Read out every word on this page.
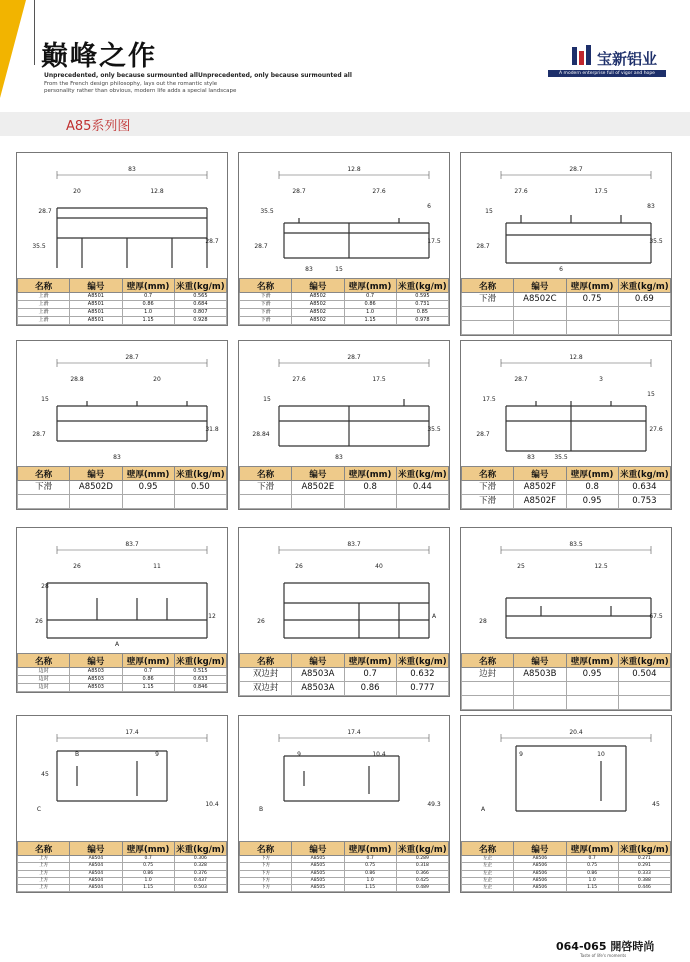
巅峰之作
Unprecedented, only because surmounted allUnprecedented, only because surmounted all
From the French design philosophy, lays out the romantic style
personality rather than obvious, modern life adds a special landscape
宝新铝业
A modern enterprise full of vigor and hope
A85系列图
83
35.5
20	12.8
28.7
28.7
名称	编号	壁厚(mm)	米重(kg/m)
上滑	A8501	0.7	0.565
上滑	A8501	0.86	0.684
上滑	A8501	1.0	0.807
上滑	A8501	1.15	0.928
12.8
28.7
28.7	27.6
17.5
35.5
15
6
83
名称	编号	壁厚(mm)	米重(kg/m)
下滑	A8502	0.7	0.595
下滑	A8502	0.86	0.731
下滑	A8502	1.0	0.85
下滑	A8502	1.15	0.978
28.7
28.7
27.6	17.5
35.5
15
6
83
名称	编号	壁厚(mm)	米重(kg/m)
下滑	A8502C	0.75	0.69

28.7
28.7
28.8	20
31.8
15
83
名称	编号	壁厚(mm)	米重(kg/m)
下滑	A8502D	0.95	0.50

28.7
28.84
27.6	17.5
35.5
15
83
名称	编号	壁厚(mm)	米重(kg/m)
下滑	A8502E	0.8	0.44

12.8
28.7
28.7	3
27.6
17.5
35.5
15
83
名称	编号	壁厚(mm)	米重(kg/m)
下滑	A8502F	0.8	0.634
下滑	A8502F	0.95	0.753
83.7
26
26	11
12
28
A
名称	编号	壁厚(mm)	米重(kg/m)
边封	A8503	0.7	0.515
边封	A8503	0.86	0.633
边封	A8503	1.15	0.846
83.7
26
26	40
A
名称	编号	壁厚(mm)	米重(kg/m)
双边封	A8503A	0.7	0.632
双边封	A8503A	0.86	0.777
83.5
28
25	12.5
67.5
名称	编号	壁厚(mm)	米重(kg/m)
边封	A8503B	0.95	0.504

17.4
C
B	9
10.4
45
名称	编号	壁厚(mm)	米重(kg/m)
上方	A8504	0.7	0.306
上方	A8504	0.75	0.328
上方	A8504	0.86	0.376
上方	A8504	1.0	0.437
上方	A8504	1.15	0.503
17.4
B
9	10.4
49.3
名称	编号	壁厚(mm)	米重(kg/m)
下方	A8505	0.7	0.289
下方	A8505	0.75	0.318
下方	A8505	0.86	0.366
下方	A8505	1.0	0.425
下方	A8505	1.15	0.489
20.4
A
9	10
45
名称	编号	壁厚(mm)	米重(kg/m)
左企	A8506	0.7	0.271
左企	A8506	0.75	0.291
左企	A8506	0.86	0.333
左企	A8506	1.0	0.388
左企	A8506	1.15	0.446
064-065 開啓時尚
Taste of life's moments
